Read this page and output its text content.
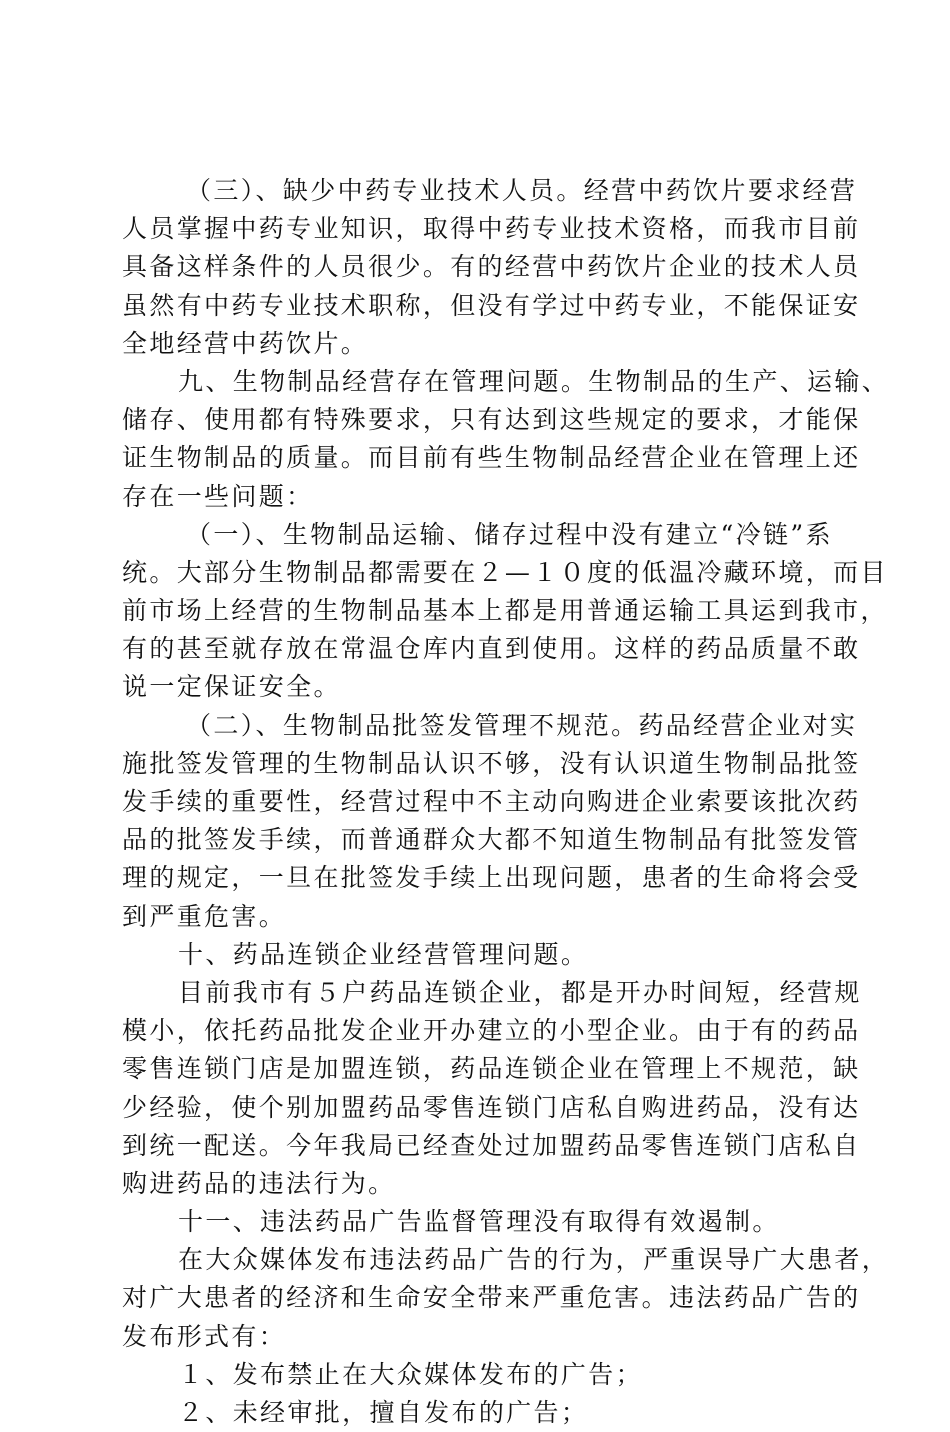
（三）、缺少中药专业技术人员。经营中药饮片要求经营
人员掌握中药专业知识，取得中药专业技术资格，而我市目前
具备这样条件的人员很少。有的经营中药饮片企业的技术人员
虽然有中药专业技术职称，但没有学过中药专业，不能保证安
全地经营中药饮片。
九、生物制品经营存在管理问题。生物制品的生产、运输、
储存、使用都有特殊要求，只有达到这些规定的要求，才能保
证生物制品的质量。而目前有些生物制品经营企业在管理上还
存在一些问题：
（一）、生物制品运输、储存过程中没有建立“冷链”系
统。大部分生物制品都需要在２—１０度的低温冷藏环境，而目
前市场上经营的生物制品基本上都是用普通运输工具运到我市，
有的甚至就存放在常温仓库内直到使用。这样的药品质量不敢
说一定保证安全。
（二）、生物制品批签发管理不规范。药品经营企业对实
施批签发管理的生物制品认识不够，没有认识道生物制品批签
发手续的重要性，经营过程中不主动向购进企业索要该批次药
品的批签发手续，而普通群众大都不知道生物制品有批签发管
理的规定，一旦在批签发手续上出现问题，患者的生命将会受
到严重危害。
十、药品连锁企业经营管理问题。
目前我市有５户药品连锁企业，都是开办时间短，经营规
模小，依托药品批发企业开办建立的小型企业。由于有的药品
零售连锁门店是加盟连锁，药品连锁企业在管理上不规范，缺
少经验，使个别加盟药品零售连锁门店私自购进药品，没有达
到统一配送。今年我局已经查处过加盟药品零售连锁门店私自
购进药品的违法行为。
十一、违法药品广告监督管理没有取得有效遏制。
在大众媒体发布违法药品广告的行为，严重误导广大患者，
对广大患者的经济和生命安全带来严重危害。违法药品广告的
发布形式有：
１、发布禁止在大众媒体发布的广告；
２、未经审批，擅自发布的广告；
